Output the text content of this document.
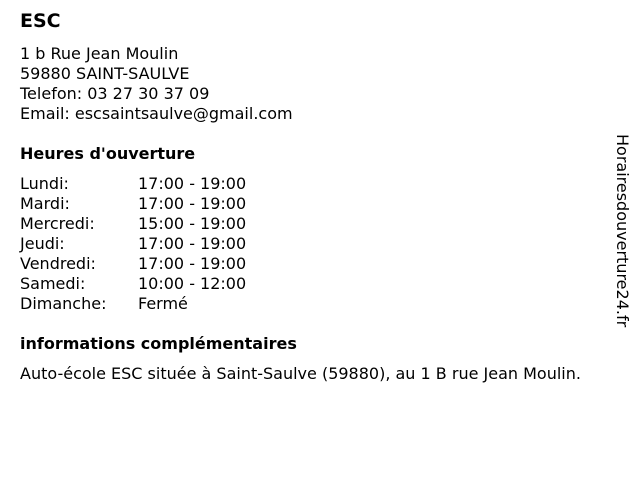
ESC
1 b Rue Jean Moulin
59880 SAINT-SAULVE
Telefon: 03 27 30 37 09
Email: escsaintsaulve@gmail.com
Heures d'ouverture
Lundi:	17:00 - 19:00
Mardi:	17:00 - 19:00
Mercredi:	15:00 - 19:00
Jeudi:	17:00 - 19:00
Vendredi:	17:00 - 19:00
Samedi:	10:00 - 12:00
Dimanche:	Fermé
informations complémentaires
Auto-école ESC située à Saint-Saulve (59880), au 1 B rue Jean Moulin.
Horairesdouverture24.fr
